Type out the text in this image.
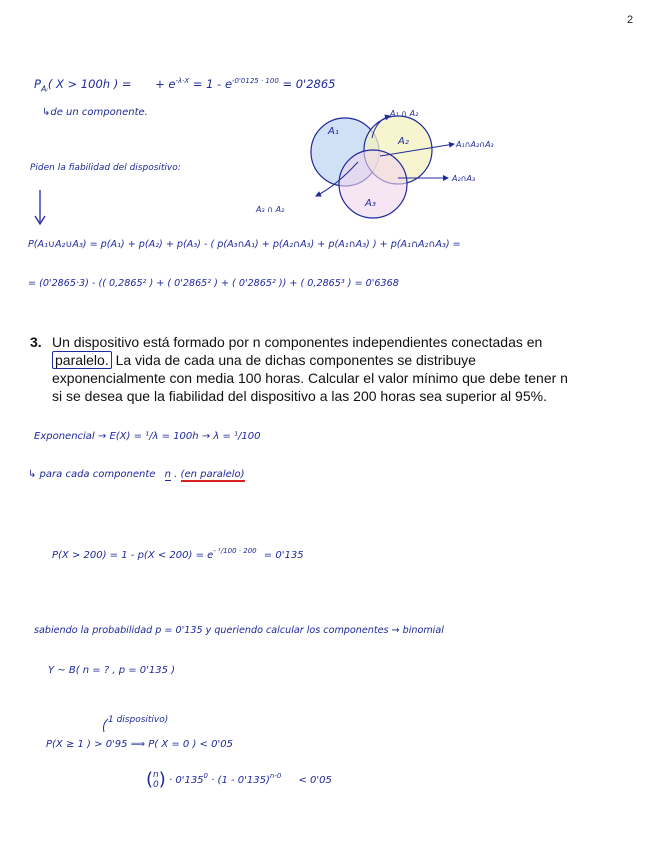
2
$P_{Aᵢ}$( X > 100h ) = + $e^{-\lambda\cdot X} = 1 - e^{-0'0125 \cdot 100} = 0'2865$
↳de un componente.
Piden la fiabilidad del dispositivo:
A₁
A₂
A₃
A₁ ∩ A₂
A₁∩A₂∩A₃
A₂∩A₃
A₃ ∩ A₂
P(A₁∪A₂∪A₃) = p(A₁) + p(A₂) + p(A₃) - ( p(A₃∩A₁) + p(A₂∩A₃) + p(A₁∩A₃) ) + p(A₁∩A₂∩A₃) =
= (0'2865·3) - (( 0,2865² ) + ( 0'2865² ) + ( 0'2865² )) + ( 0,2865³ ) = 0'6368
3. Un dispositivo está formado por n componentes independientes conectadas en
paralelo. La vida de cada una de dichas componentes se distribuye
exponencialmente con media 100 horas. Calcular el valor mínimo que debe tener n
si se desea que la fiabilidad del dispositivo a las 200 horas sea superior al 95%.
Exponencial → E(X) = ¹/λ = 100h → λ = ¹/100
↳ para cada componente n . (en paralelo)
$P(X > 200) = 1 - p(X < 200) = e^{- ^1/100 \cdot 200} = 0'135$
sabiendo la probabilidad p = 0'135 y queriendo calcular los componentes → binomial
Y ~ B( n = ? , p = 0'135 )
1 dispositivo)
P(X ≥ 1 ) > 0'95 ⟹ P( X = 0 ) < 0'05
( n
0 ) · $0'135^0 \cdot (1 - 0'135)^{n-0} < 0'05$
